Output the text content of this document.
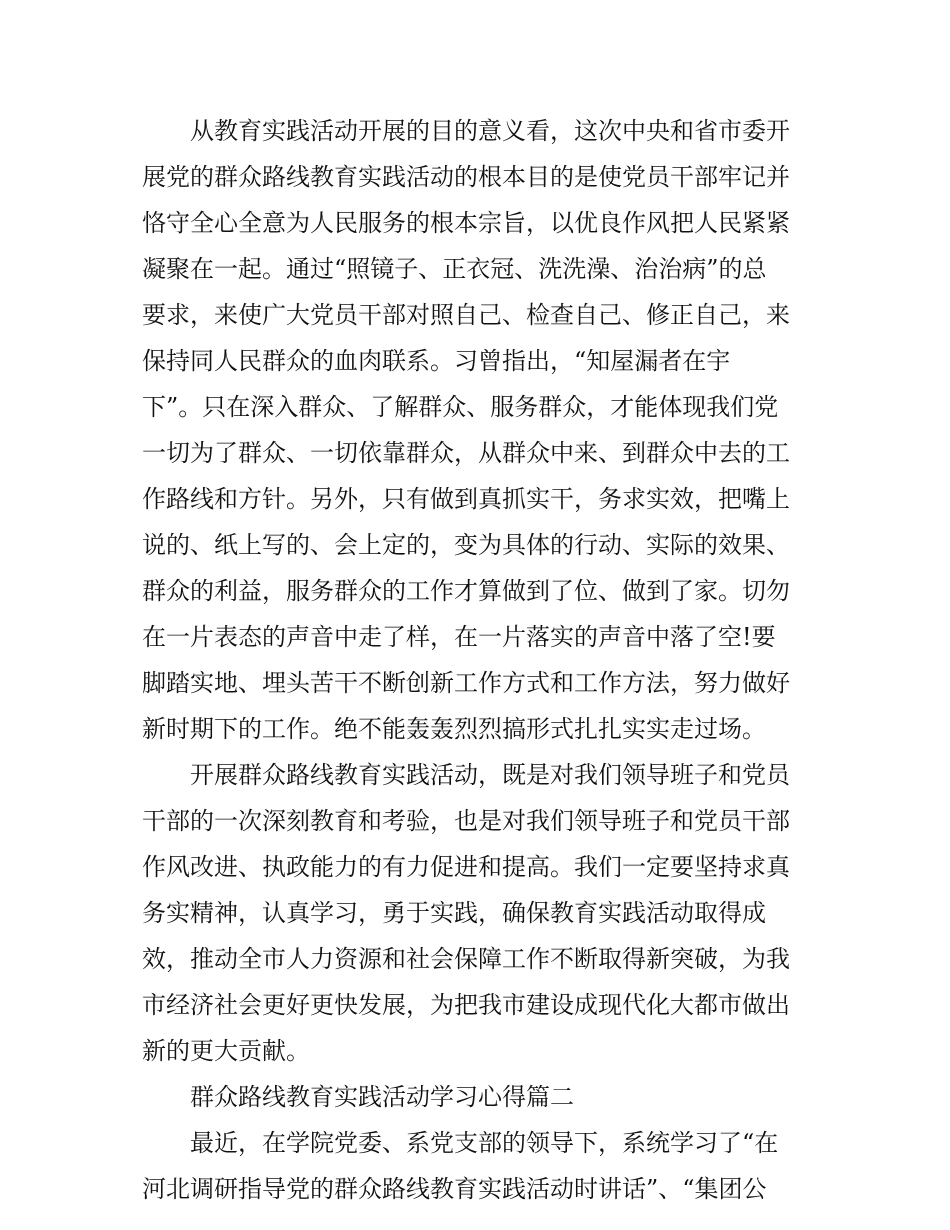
从教育实践活动开展的目的意义看，这次中央和省市委开
展党的群众路线教育实践活动的根本目的是使党员干部牢记并
恪守全心全意为人民服务的根本宗旨，以优良作风把人民紧紧
凝聚在一起。通过“照镜子、正衣冠、洗洗澡、治治病”的总
要求，来使广大党员干部对照自己、检查自己、修正自己，来
保持同人民群众的血肉联系。习曾指出，“知屋漏者在宇
下”。只在深入群众、了解群众、服务群众，才能体现我们党
一切为了群众、一切依靠群众，从群众中来、到群众中去的工
作路线和方针。另外，只有做到真抓实干，务求实效，把嘴上
说的、纸上写的、会上定的，变为具体的行动、实际的效果、
群众的利益，服务群众的工作才算做到了位、做到了家。切勿
在一片表态的声音中走了样，在一片落实的声音中落了空!要
脚踏实地、埋头苦干不断创新工作方式和工作方法，努力做好
新时期下的工作。绝不能轰轰烈烈搞形式扎扎实实走过场。
开展群众路线教育实践活动，既是对我们领导班子和党员
干部的一次深刻教育和考验，也是对我们领导班子和党员干部
作风改进、执政能力的有力促进和提高。我们一定要坚持求真
务实精神，认真学习，勇于实践，确保教育实践活动取得成
效，推动全市人力资源和社会保障工作不断取得新突破，为我
市经济社会更好更快发展，为把我市建设成现代化大都市做出
新的更大贡献。
群众路线教育实践活动学习心得篇二
最近，在学院党委、系党支部的领导下，系统学习了“在
河北调研指导党的群众路线教育实践活动时讲话”、“集团公
